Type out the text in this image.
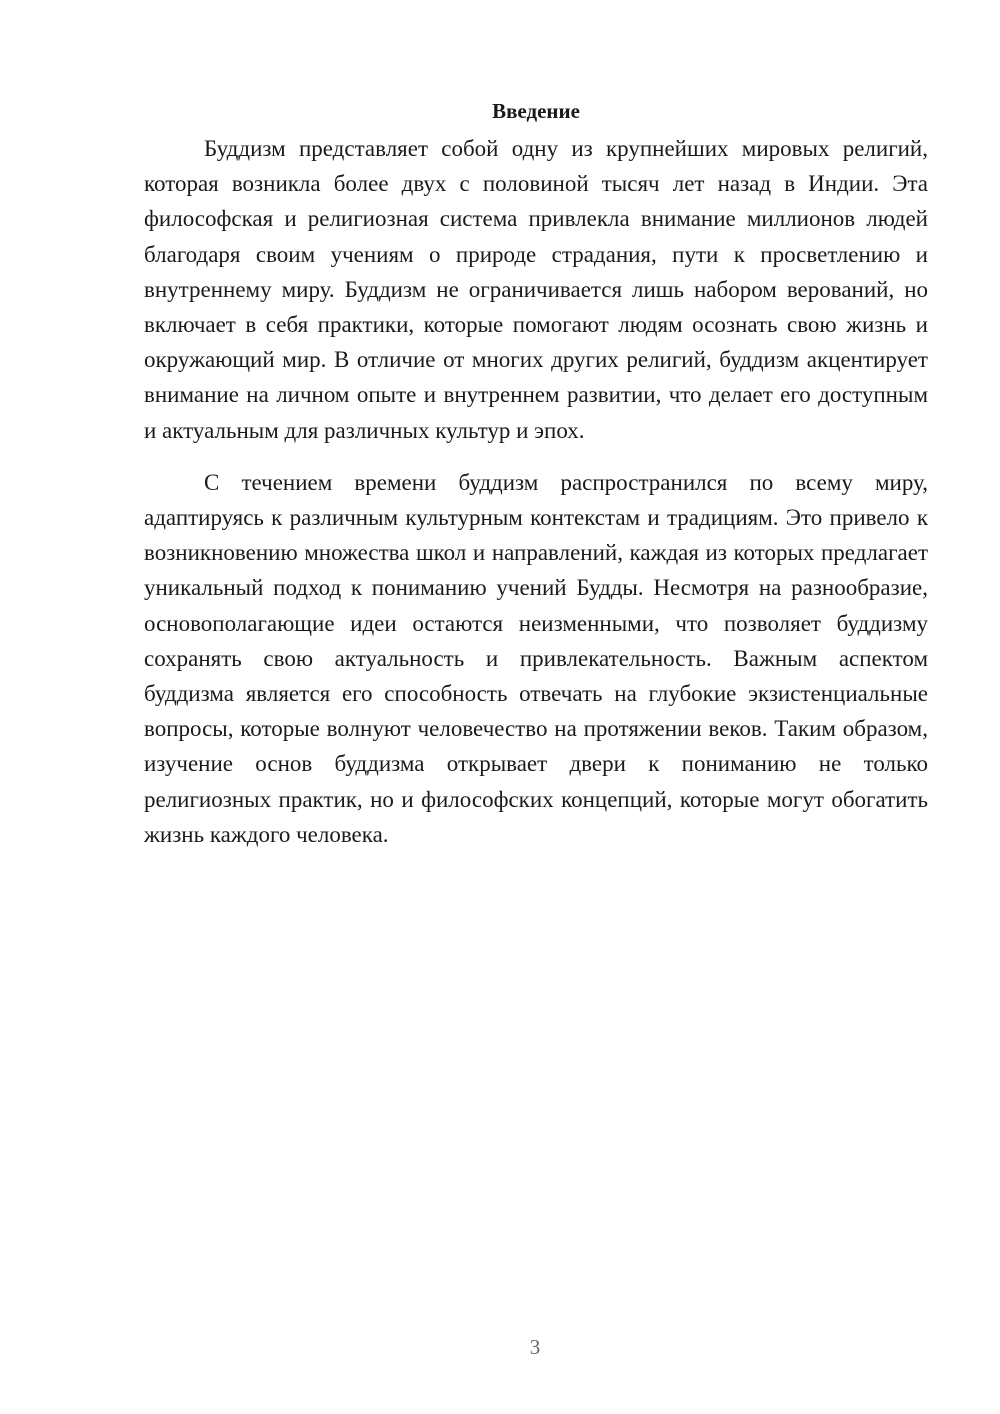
Введение

Буддизм представляет собой одну из крупнейших мировых религий, которая возникла более двух с половиной тысяч лет назад в Индии. Эта философская и религиозная система привлекла внимание миллионов людей благодаря своим учениям о природе страдания, пути к просветлению и внутреннему миру. Буддизм не ограничивается лишь набором верований, но включает в себя практики, которые помогают людям осознать свою жизнь и окружающий мир. В отличие от многих других религий, буддизм акцентирует внимание на личном опыте и внутреннем развитии, что делает его доступным и актуальным для различных культур и эпох.

С течением времени буддизм распространился по всему миру, адаптируясь к различным культурным контекстам и традициям. Это привело к возникновению множества школ и направлений, каждая из которых предлагает уникальный подход к пониманию учений Будды. Несмотря на разнообразие, основополагающие идеи остаются неизменными, что позволяет буддизму сохранять свою актуальность и привлекательность. Важным аспектом буддизма является его способность отвечать на глубокие экзистенциальные вопросы, которые волнуют человечество на протяжении веков. Таким образом, изучение основ буддизма открывает двери к пониманию не только религиозных практик, но и философских концепций, которые могут обогатить жизнь каждого человека.

3
